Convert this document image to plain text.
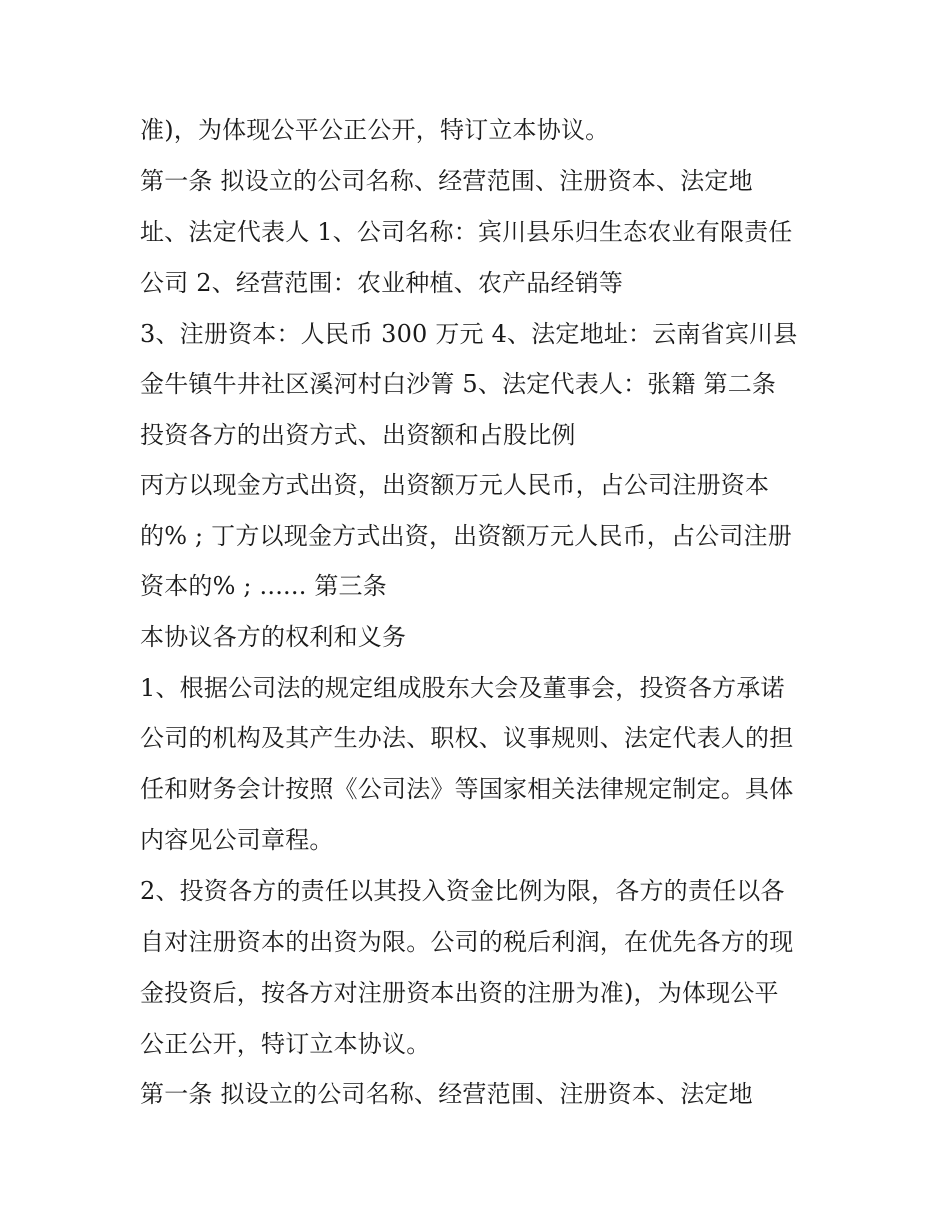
准)，为体现公平公正公开，特订立本协议。
第一条 拟设立的公司名称、经营范围、注册资本、法定地
址、法定代表人 1、公司名称：宾川县乐归生态农业有限责任
公司 2、经营范围：农业种植、农产品经销等
3、注册资本：人民币 300 万元 4、法定地址：云南省宾川县
金牛镇牛井社区溪河村白沙箐 5、法定代表人：张籍 第二条
投资各方的出资方式、出资额和占股比例
丙方以现金方式出资，出资额万元人民币，占公司注册资本
的% ; 丁方以现金方式出资，出资额万元人民币，占公司注册
资本的% ; ...... 第三条
本协议各方的权利和义务
1、根据公司法的规定组成股东大会及董事会，投资各方承诺
公司的机构及其产生办法、职权、议事规则、法定代表人的担
任和财务会计按照《公司法》等国家相关法律规定制定。具体
内容见公司章程。
2、投资各方的责任以其投入资金比例为限，各方的责任以各
自对注册资本的出资为限。公司的税后利润，在优先各方的现
金投资后，按各方对注册资本出资的注册为准)，为体现公平
公正公开，特订立本协议。
第一条 拟设立的公司名称、经营范围、注册资本、法定地
